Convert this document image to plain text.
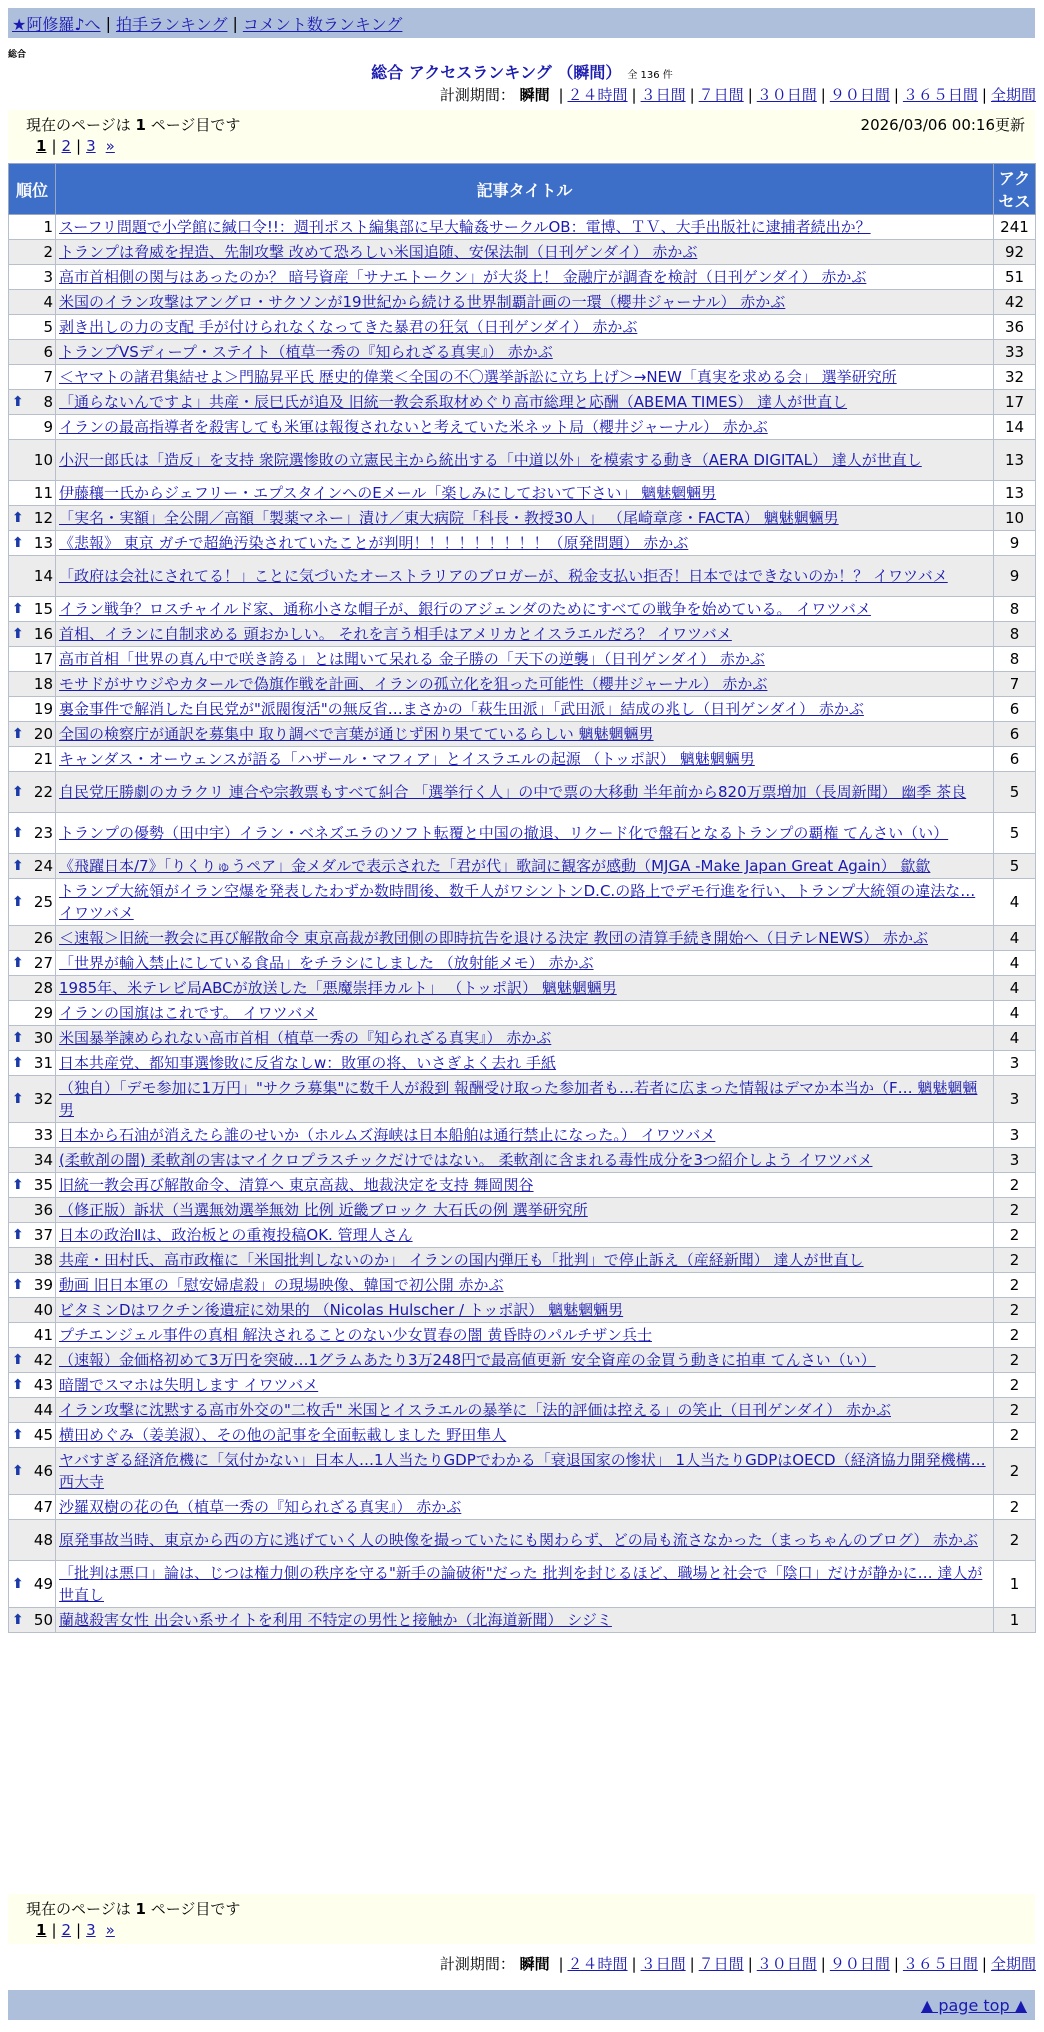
★阿修羅♪へ | 拍手ランキング | コメント数ランキング
総合
総合 アクセスランキング （瞬間） 全 136 件
計測期間： 瞬間 | ２４時間 | ３日間 | ７日間 | ３０日間 | ９０日間 | ３６５日間 | 全期間
現在のページは 1 ページ目です	2026/03/06 00:16更新
1 | 2 | 3 »
順位	記事タイトル	アクセス
1	スーフリ問題で小学館に緘口令!!：週刊ポスト編集部に早大輪姦サークルOB：電博、ＴＶ、大手出版社に逮捕者続出か？	241
2	トランプは脅威を捏造、先制攻撃 改めて恐ろしい米国追随、安保法制（日刊ゲンダイ） 赤かぶ	92
3	高市首相側の関与はあったのか？ 暗号資産「サナエトークン」が大炎上！ 金融庁が調査を検討（日刊ゲンダイ） 赤かぶ	51
4	米国のイラン攻撃はアングロ・サクソンが19世紀から続ける世界制覇計画の一環（櫻井ジャーナル） 赤かぶ	42
5	剥き出しの力の支配 手が付けられなくなってきた暴君の狂気（日刊ゲンダイ） 赤かぶ	36
6	トランプVSディープ・ステイト（植草一秀の『知られざる真実』） 赤かぶ	33
7	＜ヤマトの諸君集結せよ＞門脇昇平氏 歴史的偉業＜全国の不〇選挙訴訟に立ち上げ＞→NEW「真実を求める会」 選挙研究所	32

⬆ 8	「通らないんですよ」共産・辰巳氏が追及 旧統一教会系取材めぐり高市総理と応酬（ABEMA TIMES） 達人が世直し	17
9	イランの最高指導者を殺害しても米軍は報復されないと考えていた米ネット局（櫻井ジャーナル） 赤かぶ	14
10	小沢一郎氏は「造反」を支持 衆院選惨敗の立憲民主から統出する「中道以外」を模索する動き（AERA DIGITAL） 達人が世直し	13
11	伊藤穰一氏からジェフリー・エプスタインへのEメール「楽しみにしておいて下さい」 魑魅魍魎男	13

⬆ 12	「実名・実額」全公開／高額「製薬マネー」漬け／東大病院「科長・教授30人」 （尾崎章彦・FACTA） 魑魅魍魎男	10

⬆ 13	《悲報》 東京 ガチで超絶汚染されていたことが判明！！！！！！！！！（原発問題） 赤かぶ	9
14	「政府は会社にされてる！」ことに気づいたオーストラリアのブロガーが、税金支払い拒否！日本ではできないのか！？ イワツバメ	9

⬆ 15	イラン戦争？ロスチャイルド家、通称小さな帽子が、銀行のアジェンダのためにすべての戦争を始めている。 イワツバメ	8

⬆ 16	首相、イランに自制求める 頭おかしい。 それを言う相手はアメリカとイスラエルだろ？ イワツバメ	8
17	高市首相「世界の真ん中で咲き誇る」とは聞いて呆れる 金子勝の「天下の逆襲」（日刊ゲンダイ） 赤かぶ	8
18	モサドがサウジやカタールで偽旗作戦を計画、イランの孤立化を狙った可能性（櫻井ジャーナル） 赤かぶ	7
19	裏金事件で解消した自民党が"派閥復活"の無反省…まさかの「萩生田派」「武田派」結成の兆し（日刊ゲンダイ） 赤かぶ	6

⬆ 20	全国の検察庁が通訳を募集中 取り調べで言葉が通じず困り果てているらしい 魑魅魍魎男	6
21	キャンダス・オーウェンスが語る「ハザール・マフィア」とイスラエルの起源 （トッポ訳） 魑魅魍魎男	6

⬆ 22	自民党圧勝劇のカラクリ 連合や宗教票もすべて糾合 「選挙行く人」の中で票の大移動 半年前から820万票増加（長周新聞） 幽季 茶良	5

⬆ 23	トランプの優勢（田中宇）イラン・ベネズエラのソフト転覆と中国の撤退、リクード化で盤石となるトランプの覇権 てんさい（い）	5

⬆ 24	《飛躍日本/7》「りくりゅうペア」金メダルで表示された「君が代」歌詞に観客が感動（MJGA -Make Japan Great Again） 歙歙	5

⬆ 25	トランプ大統領がイラン空爆を発表したわずか数時間後、数千人がワシントンD.C.の路上でデモ行進を行い、トランプ大統領の違法な… イワツバメ	4
26	＜速報＞旧統一教会に再び解散命令 東京高裁が教団側の即時抗告を退ける決定 教団の清算手続き開始へ（日テレNEWS） 赤かぶ	4

⬆ 27	「世界が輸入禁止にしている食品」をチラシにしました （放射能メモ） 赤かぶ	4
28	1985年、米テレビ局ABCが放送した「悪魔崇拝カルト」 （トッポ訳） 魑魅魍魎男	4
29	イランの国旗はこれです。 イワツバメ	4

⬆ 30	米国暴挙諫められない高市首相（植草一秀の『知られざる真実』） 赤かぶ	4

⬆ 31	日本共産党、都知事選惨敗に反省なしw：敗軍の将、いさぎよく去れ 手紙	3

⬆ 32	（独自）「デモ参加に1万円」"サクラ募集"に数千人が殺到 報酬受け取った参加者も…若者に広まった情報はデマか本当か（F… 魑魅魍魎男	3
33	日本から石油が消えたら誰のせいか（ホルムズ海峡は日本船舶は通行禁止になった。） イワツバメ	3
34	(柔軟剤の闇) 柔軟剤の害はマイクロプラスチックだけではない。 柔軟剤に含まれる毒性成分を3つ紹介しよう イワツバメ	3

⬆ 35	旧統一教会再び解散命令、清算へ 東京高裁、地裁決定を支持 舞岡関谷	2
36	（修正版）訴状（当選無効選挙無効 比例 近畿ブロック 大石氏の例 選挙研究所	2

⬆ 37	日本の政治Ⅱは、政治板との重複投稿OK. 管理人さん	2
38	共産・田村氏、高市政権に「米国批判しないのか」 イランの国内弾圧も「批判」で停止訴え（産経新聞） 達人が世直し	2

⬆ 39	動画 旧日本軍の「慰安婦虐殺」の現場映像、韓国で初公開 赤かぶ	2
40	ビタミンDはワクチン後遺症に効果的 （Nicolas Hulscher / トッポ訳） 魑魅魍魎男	2
41	プチエンジェル事件の真相 解決されることのない少女買春の闇 黄昏時のパルチザン兵士	2

⬆ 42	（速報）金価格初めて3万円を突破…1グラムあたり3万248円で最高値更新 安全資産の金買う動きに拍車 てんさい（い）	2

⬆ 43	暗闇でスマホは失明します イワツバメ	2
44	イラン攻撃に沈黙する高市外交の"二枚舌" 米国とイスラエルの暴挙に「法的評価は控える」の笑止（日刊ゲンダイ） 赤かぶ	2

⬆ 45	横田めぐみ（姜美淑）、その他の記事を全面転載しました 野田隼人	2

⬆ 46	ヤバすぎる経済危機に「気付かない」日本人…1人当たりGDPでわかる「衰退国家の惨状」 1人当たりGDPはOECD（経済協力開発機構… 西大寺	2
47	沙羅双樹の花の色（植草一秀の『知られざる真実』） 赤かぶ	2
48	原発事故当時、東京から西の方に逃げていく人の映像を撮っていたにも関わらず、どの局も流さなかった（まっちゃんのブログ） 赤かぶ	2

⬆ 49	「批判は悪口」論は、じつは権力側の秩序を守る"新手の論破術"だった 批判を封じるほど、職場と社会で「陰口」だけが静かに… 達人が世直し	1

⬆ 50	蘭越殺害女性 出会い系サイトを利用 不特定の男性と接触か（北海道新聞） シジミ	1
現在のページは 1 ページ目です
1 | 2 | 3 »
計測期間： 瞬間 | ２４時間 | ３日間 | ７日間 | ３０日間 | ９０日間 | ３６５日間 | 全期間
▲ page top ▲
